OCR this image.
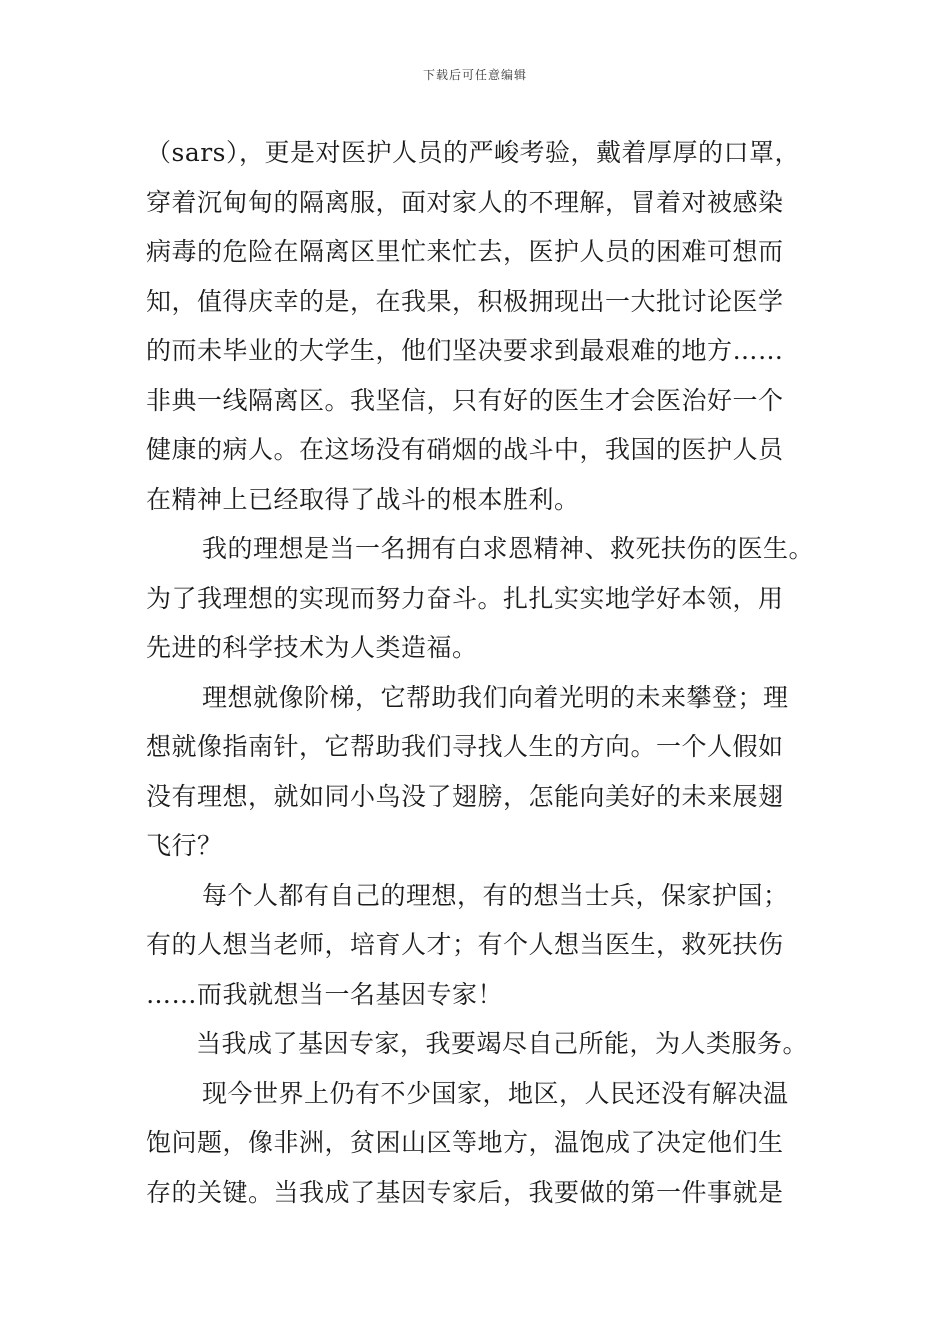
下载后可任意编辑
（sars），更是对医护人员的严峻考验，戴着厚厚的口罩，
穿着沉甸甸的隔离服，面对家人的不理解，冒着对被感染
病毒的危险在隔离区里忙来忙去，医护人员的困难可想而
知，值得庆幸的是，在我果，积极拥现出一大批讨论医学
的而未毕业的大学生，他们坚决要求到最艰难的地方……
非典一线隔离区。我坚信，只有好的医生才会医治好一个
健康的病人。在这场没有硝烟的战斗中，我国的医护人员
在精神上已经取得了战斗的根本胜利。
我的理想是当一名拥有白求恩精神、救死扶伤的医生。
为了我理想的实现而努力奋斗。扎扎实实地学好本领，用
先进的科学技术为人类造福。
理想就像阶梯，它帮助我们向着光明的未来攀登；理
想就像指南针，它帮助我们寻找人生的方向。一个人假如
没有理想，就如同小鸟没了翅膀，怎能向美好的未来展翅
飞行？
每个人都有自己的理想，有的想当士兵，保家护国；
有的人想当老师，培育人才；有个人想当医生，救死扶伤
……而我就想当一名基因专家！
当我成了基因专家，我要竭尽自己所能，为人类服务。
现今世界上仍有不少国家，地区，人民还没有解决温
饱问题，像非洲，贫困山区等地方，温饱成了决定他们生
存的关键。当我成了基因专家后，我要做的第一件事就是
